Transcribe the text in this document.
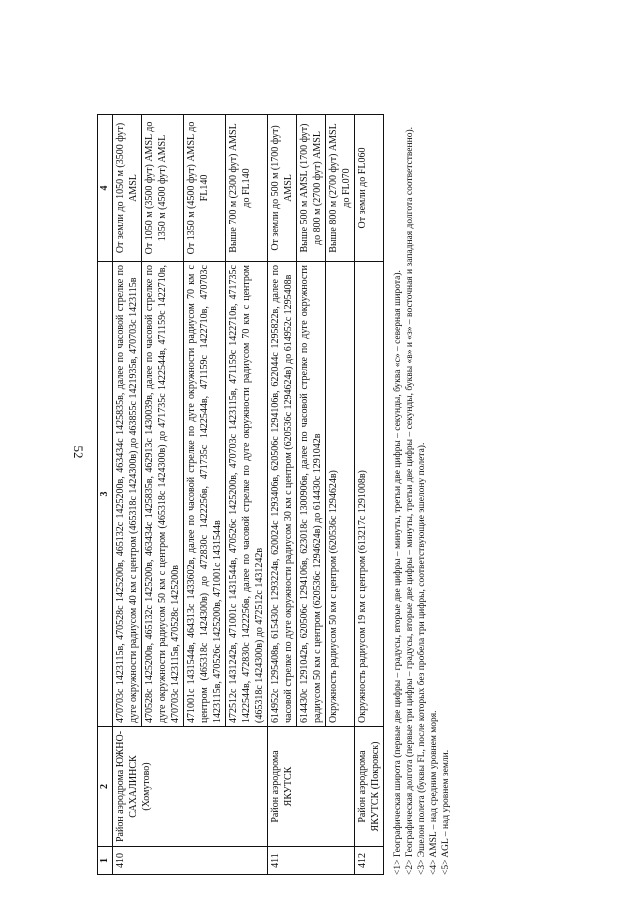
52
1	2	3	4
410	Район аэродрома ЮЖНО-САХАЛИНСК (Хомутово)	470703с 1423115в, 470528с 1425200в, 465132с 1425200в, 463434с 1425835в, далее по часовой стрелке по дуге окружности радиусом 40 км с центром (465318с 1424300в) до 463855с 1421935в, 470703с 1423115в	От земли до 1050 м (3500 фут) AMSL
		470528с 1425200в, 465132с 1425200в, 463434с 1425835в, 462913с 1430039в, далее по часовой стрелке по дуге окружности радиусом 50 км с центром (465318с 1424300в) до 471735с 1422544в, 471159с 1422710в, 470703с 1423115в, 470528с 1425200в	От 1050 м (3500 фут) AMSL до 1350 м (4500 фут) AMSL
		471001с 1431544в, 464313с 1433602в, далее по часовой стрелке по дуге окружности радиусом 70 км с центром (465318с 1424300в) до 472830с 1422256в, 471735с 1422544в, 471159с 1422710в, 470703с 1423115в, 470526с 1425200в, 471001с 1431544в	От 1350 м (4500 фут) AMSL до FL140
		472512с 1431242в, 471001с 1431544в, 470526с 1425200в, 470703с 1423115в, 471159с 1422710в, 471735с 1422544в, 472830с 1422256в, далее по часовой стрелке по дуге окружности радиусом 70 км с центром (465318с 1424300в) до 472512с 1431242в	Выше 700 м (2300 фут) AMSL до FL140
411	Район аэродрома ЯКУТСК	614952с 1295408в, 615430с 1293224в, 620024с 1293406в, 620506с 1294106в, 622044с 1295822в, далее по часовой стрелке по дуге окружности радиусом 30 км с центром (620536с 1294624в) до 614952с 1295408в	От земли до 500 м (1700 фут) AMSL
		614430с 1291042в, 620506с 1294106в, 623018с 1300906в, далее по часовой стрелке по дуге окружности радиусом 50 км с центром (620536с 1294624в) до 614430с 1291042в	Выше 500 м AMSL (1700 фут) до 800 м (2700 фут) AMSL
		Окружность радиусом 50 км с центром (620536с 1294624в)	Выше 800 м (2700 фут) AMSL до FL070
412	Район аэродрома ЯКУТСК (Покровск)	Окружность радиусом 19 км с центром (613217с 1291008в)	От земли до FL060
<1> Географическая широта (первые две цифры – градусы, вторые две цифры – минуты, третьи две цифры – секунды, буква «с» – северная широта). <2> Географическая долгота (первые три цифры – градусы, вторые две цифры – минуты, третьи две цифры – секунды, буквы «в» и «з» – восточная и западная долгота соответственно). <3> Эшелон полета (буквы FL, после которых без пробела три цифры, соответствующие эшелону полета). <4> AMSL – над средним уровнем моря. <5> AGL – над уровнем земли.
